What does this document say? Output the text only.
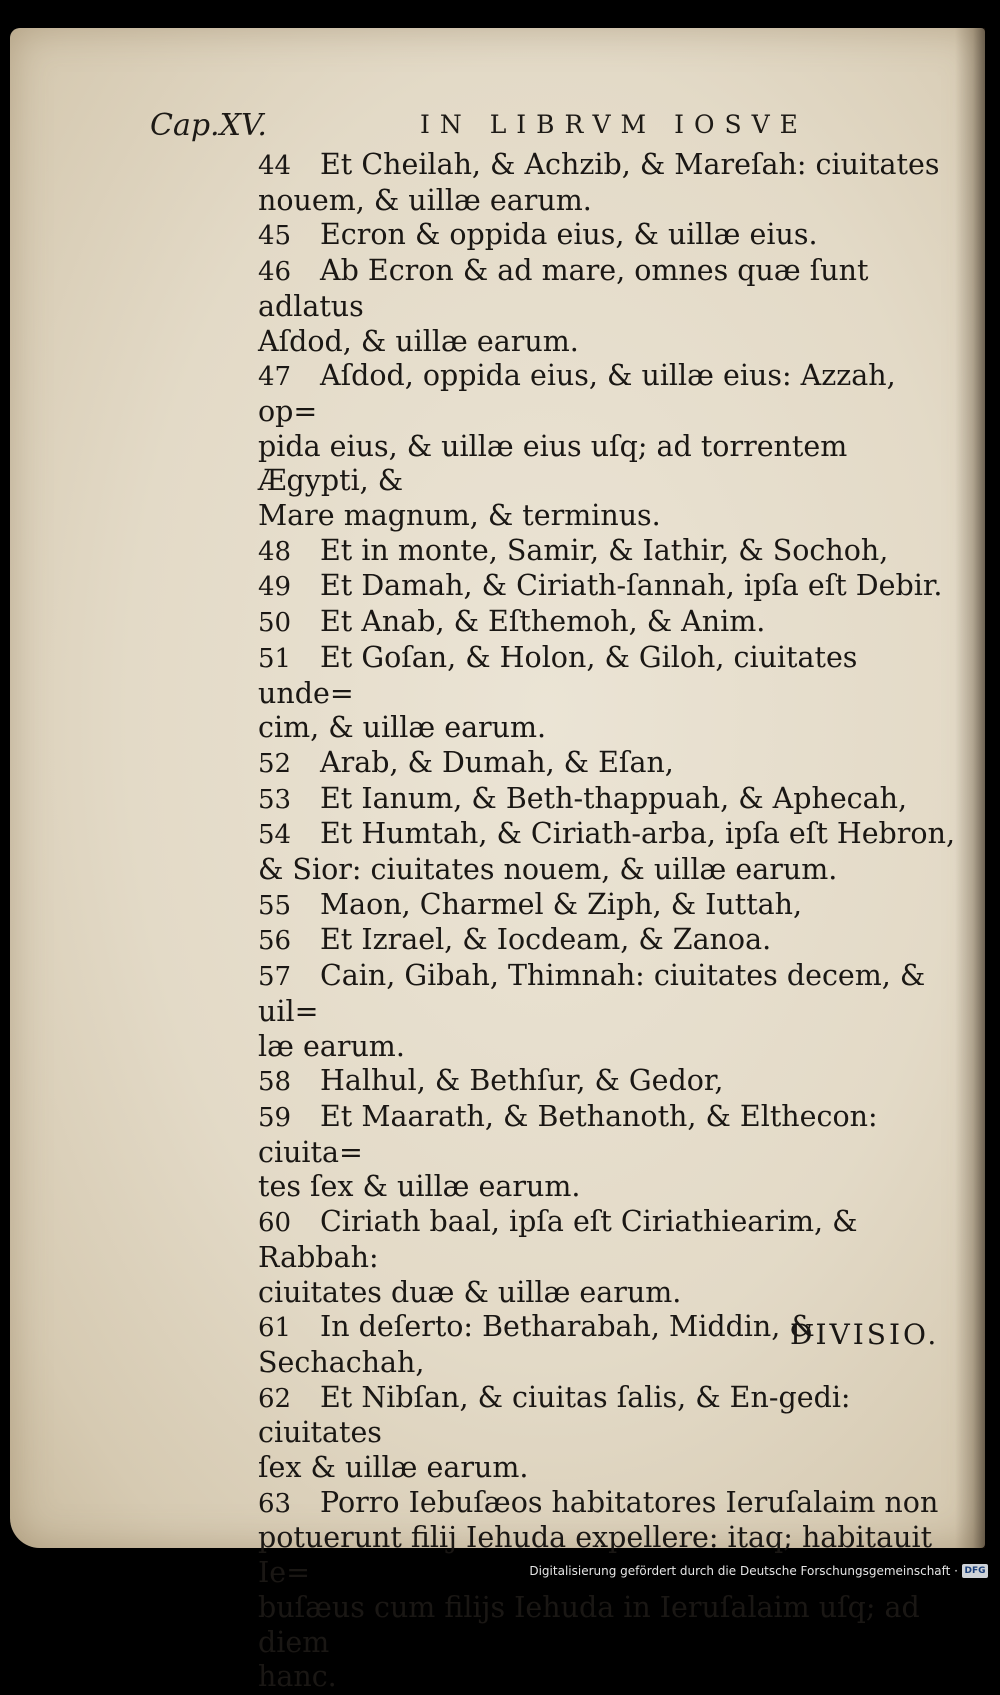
Cap.XV.	IN LIBRVM IOSVE
44 Et Cheilah, & Achzib, & Mareſah: ciuitates
nouem, & uillæ earum.
45 Ecron & oppida eius, & uillæ eius.
46 Ab Ecron & ad mare, omnes quæ ſunt adlatus
Aſdod, & uillæ earum.
47 Aſdod, oppida eius, & uillæ eius: Azzah, op=
pida eius, & uillæ eius uſq; ad torrentem Ægypti, &
Mare magnum, & terminus.
48 Et in monte, Samir, & Iathir, & Sochoh,
49 Et Damah, & Ciriath-ſannah, ipſa eſt Debir.
50 Et Anab, & Eſthemoh, & Anim.
51 Et Goſan, & Holon, & Giloh, ciuitates unde=
cim, & uillæ earum.
52 Arab, & Dumah, & Eſan,
53 Et Ianum, & Beth-thappuah, & Aphecah,
54 Et Humtah, & Ciriath-arba, ipſa eſt Hebron,
& Sior: ciuitates nouem, & uillæ earum.
55 Maon, Charmel & Ziph, & Iuttah,
56 Et Izrael, & Iocdeam, & Zanoa.
57 Cain, Gibah, Thimnah: ciuitates decem, & uil=
læ earum.
58 Halhul, & Bethſur, & Gedor,
59 Et Maarath, & Bethanoth, & Elthecon: ciuita=
tes ſex & uillæ earum.
60 Ciriath baal, ipſa eſt Ciriathiearim, & Rabbah:
ciuitates duæ & uillæ earum.
61 In deſerto: Betharabah, Middin, & Sechachah,
62 Et Nibſan, & ciuitas ſalis, & En-gedi: ciuitates
ſex & uillæ earum.
63 Porro Iebuſæos habitatores Ieruſalaim non
potuerunt filij Iehuda expellere: itaq; habitauit Ie=
buſæus cum filijs Iehuda in Ieruſalaim uſq; ad diem
hanc.
DIVISIO.
Digitalisierung gefördert durch die Deutsche Forschungsgemeinschaft · DFG
